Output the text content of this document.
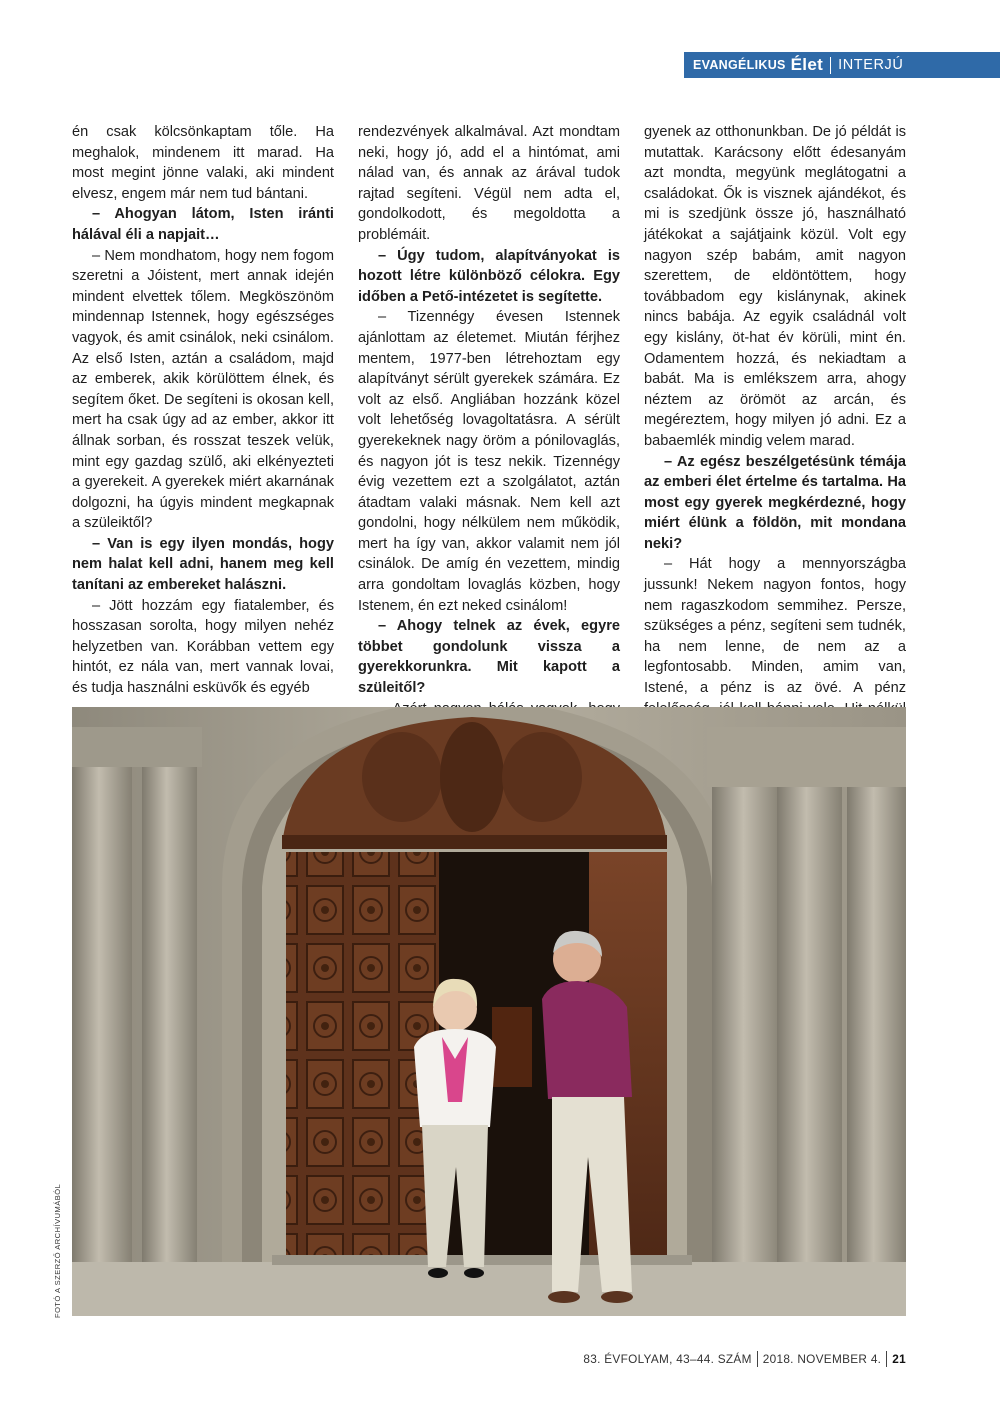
EVANGÉLIKUS Élet INTERJÚ

én csak kölcsönkaptam tőle. Ha meghalok, mindenem itt marad. Ha most megint jönne valaki, aki mindent elvesz, engem már nem tud bántani.

– Ahogyan látom, Isten iránti hálával éli a napjait…

– Nem mondhatom, hogy nem fogom szeretni a Jóistent, mert annak idején mindent elvettek tőlem. Megköszönöm mindennap Istennek, hogy egészséges vagyok, és amit csinálok, neki csinálom. Az első Isten, aztán a családom, majd az emberek, akik körülöttem élnek, és segítem őket. De segíteni is okosan kell, mert ha csak úgy ad az ember, akkor itt állnak sorban, és rosszat teszek velük, mint egy gazdag szülő, aki elkényezteti a gyerekeit. A gyerekek miért akarnának dolgozni, ha úgyis mindent megkapnak a szüleiktől?

– Van is egy ilyen mondás, hogy nem halat kell adni, hanem meg kell tanítani az embereket halászni.

– Jött hozzám egy fiatalember, és hosszasan sorolta, hogy milyen nehéz helyzetben van. Korábban vettem egy hintót, ez nála van, mert vannak lovai, és tudja használni esküvők és egyéb

rendezvények alkalmával. Azt mondtam neki, hogy jó, add el a hintómat, ami nálad van, és annak az árával tudok rajtad segíteni. Végül nem adta el, gondolkodott, és megoldotta a problémáit.

– Úgy tudom, alapítványokat is hozott létre különböző célokra. Egy időben a Pető-intézetet is segítette.

– Tizennégy évesen Istennek ajánlottam az életemet. Miután férjhez mentem, 1977-ben létrehoztam egy alapítványt sérült gyerekek számára. Ez volt az első. Angliában hozzánk közel volt lehetőség lovagoltatásra. A sérült gyerekeknek nagy öröm a pónilovaglás, és nagyon jót is tesz nekik. Tizennégy évig vezettem ezt a szolgálatot, aztán átadtam valaki másnak. Nem kell azt gondolni, hogy nélkülem nem működik, mert ha így van, akkor valamit nem jól csinálok. De amíg én vezettem, mindig arra gondoltam lovaglás közben, hogy Istenem, én ezt neked csinálom!

– Ahogy telnek az évek, egyre többet gondolunk vissza a gyerekkorunkra. Mit kapott a szüleitől?

gyenek az otthonunkban. De jó példát is mutattak. Karácsony előtt édesanyám azt mondta, megyünk meglátogatni a családokat. Ők is visznek ajándékot, és mi is szedjünk össze jó, használható játékokat a sajátjaink közül. Volt egy nagyon szép babám, amit nagyon szerettem, de eldöntöttem, hogy továbbadom egy kislánynak, akinek nincs babája. Az egyik családnál volt egy kislány, öt-hat év körüli, mint én. Odamentem hozzá, és nekiadtam a babát. Ma is emlékszem arra, ahogy néztem az örömöt az arcán, és megéreztem, hogy milyen jó adni. Ez a babaemlék mindig velem marad.

– Az egész beszélgetésünk témája az emberi élet értelme és tartalma. Ha most egy gyerek megkérdezné, hogy miért élünk a földön, mit mondana neki?

– Hát hogy a mennyországba jussunk! Nekem nagyon fontos, hogy nem ragaszkodom semmihez. Persze, szükséges a pénz, segíteni sem tudnék, ha nem lenne, de nem az a legfontosabb. Minden, amim van, Istené, a pénz is az övé. A pénz

FOTÓ A SZERZŐ ARCHÍVUMÁBÓL
83. ÉVFOLYAM, 43–44. SZÁM 2018. NOVEMBER 4. 21
